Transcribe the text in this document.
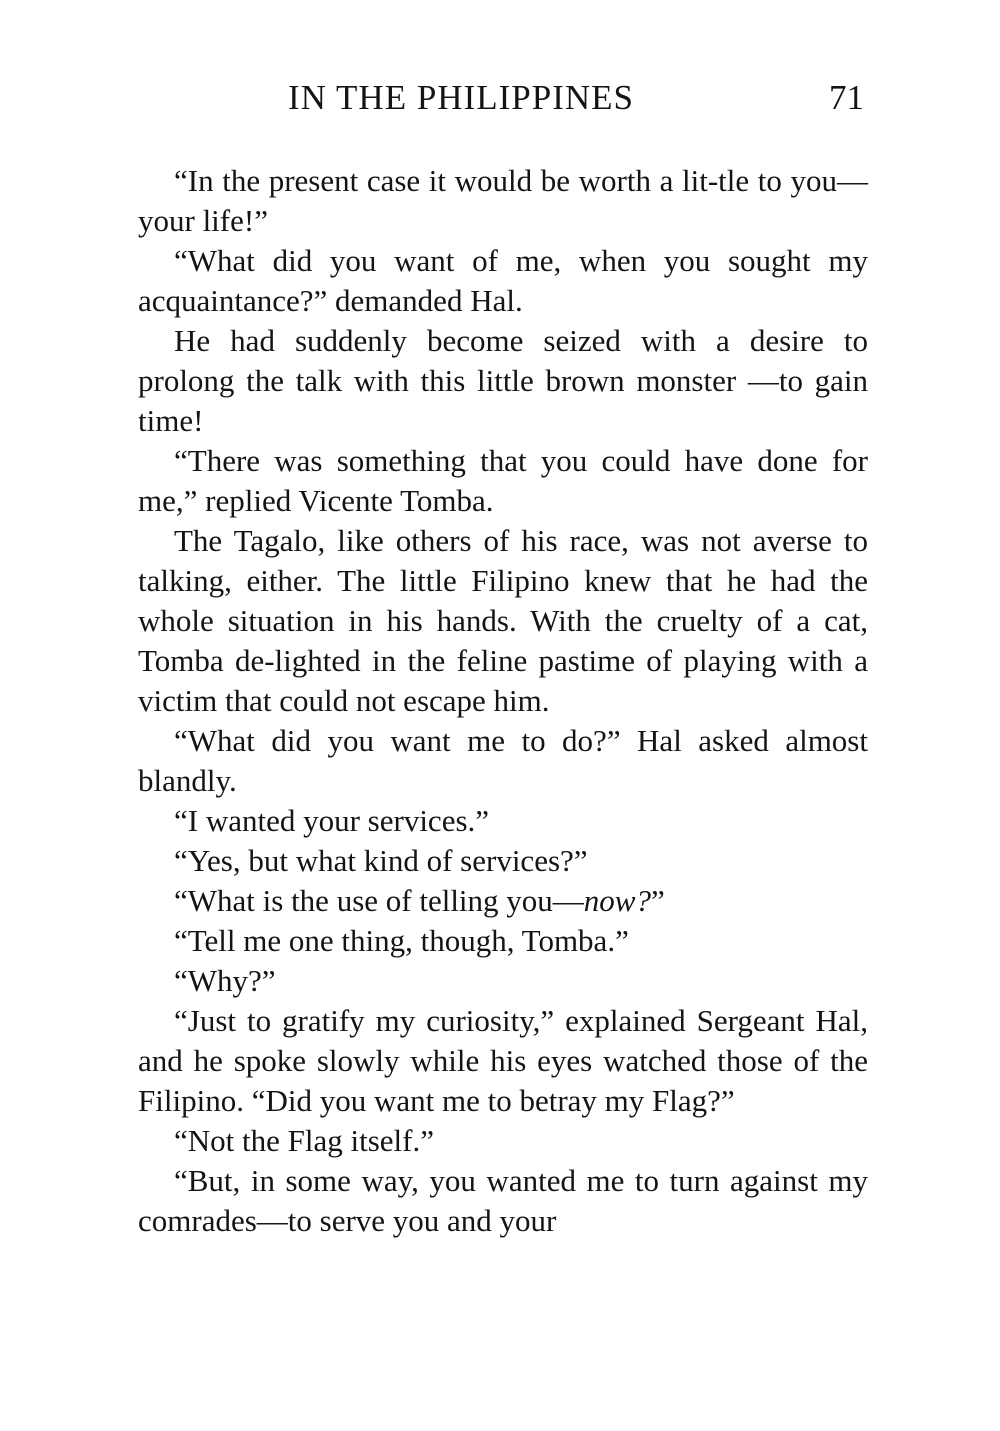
IN THE PHILIPPINES	71

“In the present case it would be worth a lit-tle to you—your life!”

“What did you want of me, when you sought my acquaintance?” demanded Hal.

He had suddenly become seized with a desire to prolong the talk with this little brown monster —to gain time!

“There was something that you could have done for me,” replied Vicente Tomba.

The Tagalo, like others of his race, was not averse to talking, either. The little Filipino knew that he had the whole situation in his hands. With the cruelty of a cat, Tomba de-lighted in the feline pastime of playing with a victim that could not escape him.

“What did you want me to do?” Hal asked almost blandly.

“I wanted your services.”

“Yes, but what kind of services?”

“What is the use of telling you—now?”

“Tell me one thing, though, Tomba.”

“Why?”

“Just to gratify my curiosity,” explained Sergeant Hal, and he spoke slowly while his eyes watched those of the Filipino. “Did you want me to betray my Flag?”

“Not the Flag itself.”

“But, in some way, you wanted me to turn against my comrades—to serve you and your
